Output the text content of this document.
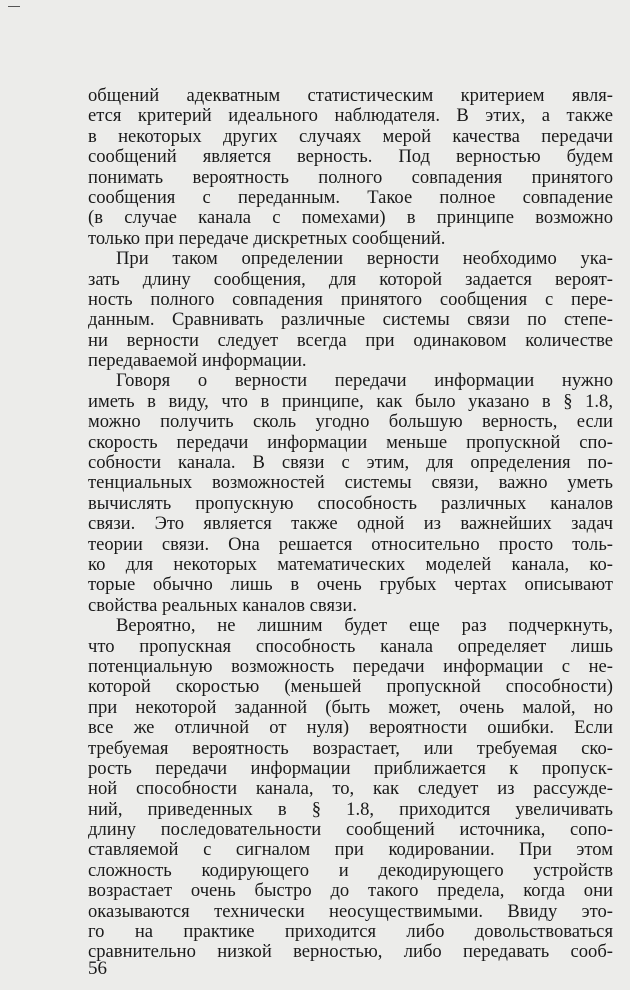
общений адекватным статистическим критерием явля-
ется критерий идеального наблюдателя. В этих, а также
в некоторых других случаях мерой качества передачи
сообщений является верность. Под верностью будем
понимать вероятность полного совпадения принятого
сообщения с переданным. Такое полное совпадение
(в случае канала с помехами) в принципе возможно
только при передаче дискретных сообщений.
При таком определении верности необходимо ука-
зать длину сообщения, для которой задается вероят-
ность полного совпадения принятого сообщения с пере-
данным. Сравнивать различные системы связи по степе-
ни верности следует всегда при одинаковом количестве
передаваемой информации.
Говоря о верности передачи информации нужно
иметь в виду, что в принципе, как было указано в § 1.8,
можно получить сколь угодно большую верность, если
скорость передачи информации меньше пропускной спо-
собности канала. В связи с этим, для определения по-
тенциальных возможностей системы связи, важно уметь
вычислять пропускную способность различных каналов
связи. Это является также одной из важнейших задач
теории связи. Она решается относительно просто толь-
ко для некоторых математических моделей канала, ко-
торые обычно лишь в очень грубых чертах описывают
свойства реальных каналов связи.
Вероятно, не лишним будет еще раз подчеркнуть,
что пропускная способность канала определяет лишь
потенциальную возможность передачи информации с не-
которой скоростью (меньшей пропускной способности)
при некоторой заданной (быть может, очень малой, но
все же отличной от нуля) вероятности ошибки. Если
требуемая вероятность возрастает, или требуемая ско-
рость передачи информации приближается к пропуск-
ной способности канала, то, как следует из рассужде-
ний, приведенных в § 1.8, приходится увеличивать
длину последовательности сообщений источника, сопо-
ставляемой с сигналом при кодировании. При этом
сложность кодирующего и декодирующего устройств
возрастает очень быстро до такого предела, когда они
оказываются технически неосуществимыми. Ввиду это-
го на практике приходится либо довольствоваться
сравнительно низкой верностью, либо передавать сооб-
56
